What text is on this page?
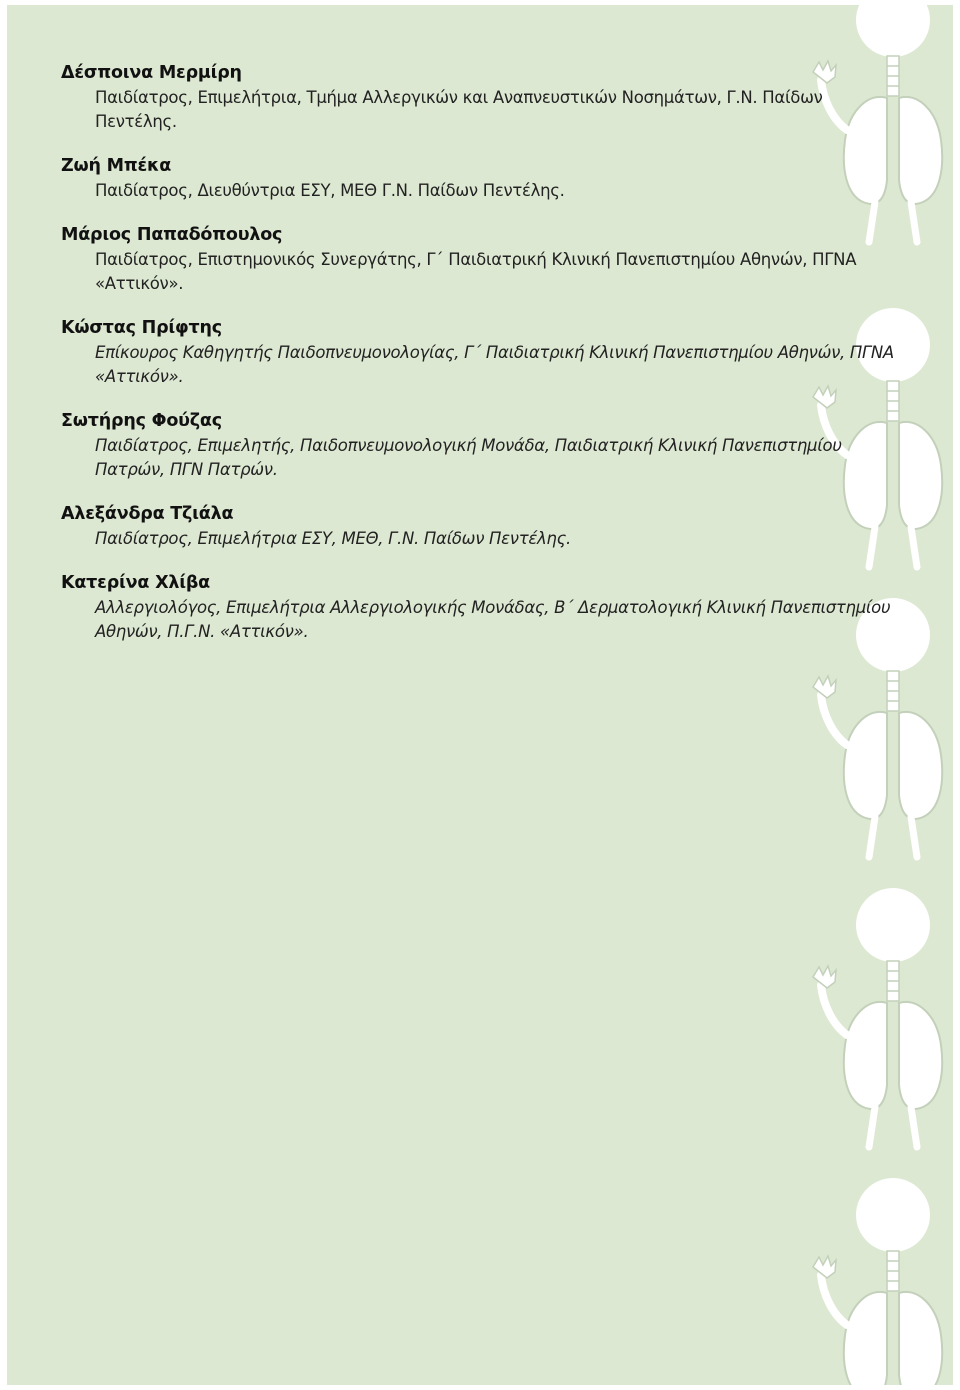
Δέσποινα Μερμίρη
Παιδίατρος, Επιμελήτρια, Τμήμα Αλλεργικών και Αναπνευστικών Νοσημάτων, Γ.Ν. Παίδων Πεντέλης.
Ζωή Μπέκα
Παιδίατρος, Διευθύντρια ΕΣΥ, ΜΕΘ Γ.Ν. Παίδων Πεντέλης.
Μάριος Παπαδόπουλος
Παιδίατρος, Επιστημονικός Συνεργάτης, Γ΄ Παιδιατρική Κλινική Πανεπιστημίου Αθηνών, ΠΓΝΑ «Αττικόν».
Κώστας Πρίφτης
Επίκουρος Καθηγητής Παιδοπνευμονολογίας, Γ΄ Παιδιατρική Κλινική Πανεπιστημίου Αθηνών, ΠΓΝΑ «Αττικόν».
Σωτήρης Φούζας
Παιδίατρος, Επιμελητής, Παιδοπνευμονολογική Μονάδα, Παιδιατρική Κλινική Πανεπιστημίου Πατρών, ΠΓΝ Πατρών.
Αλεξάνδρα Τζιάλα
Παιδίατρος, Επιμελήτρια ΕΣΥ, ΜΕΘ, Γ.Ν. Παίδων Πεντέλης.
Κατερίνα Χλίβα
Αλλεργιολόγος, Επιμελήτρια Αλλεργιολογικής Μονάδας, Β΄ Δερματολογική Κλινική Πανεπιστημίου Αθηνών, Π.Γ.Ν. «Αττικόν».
